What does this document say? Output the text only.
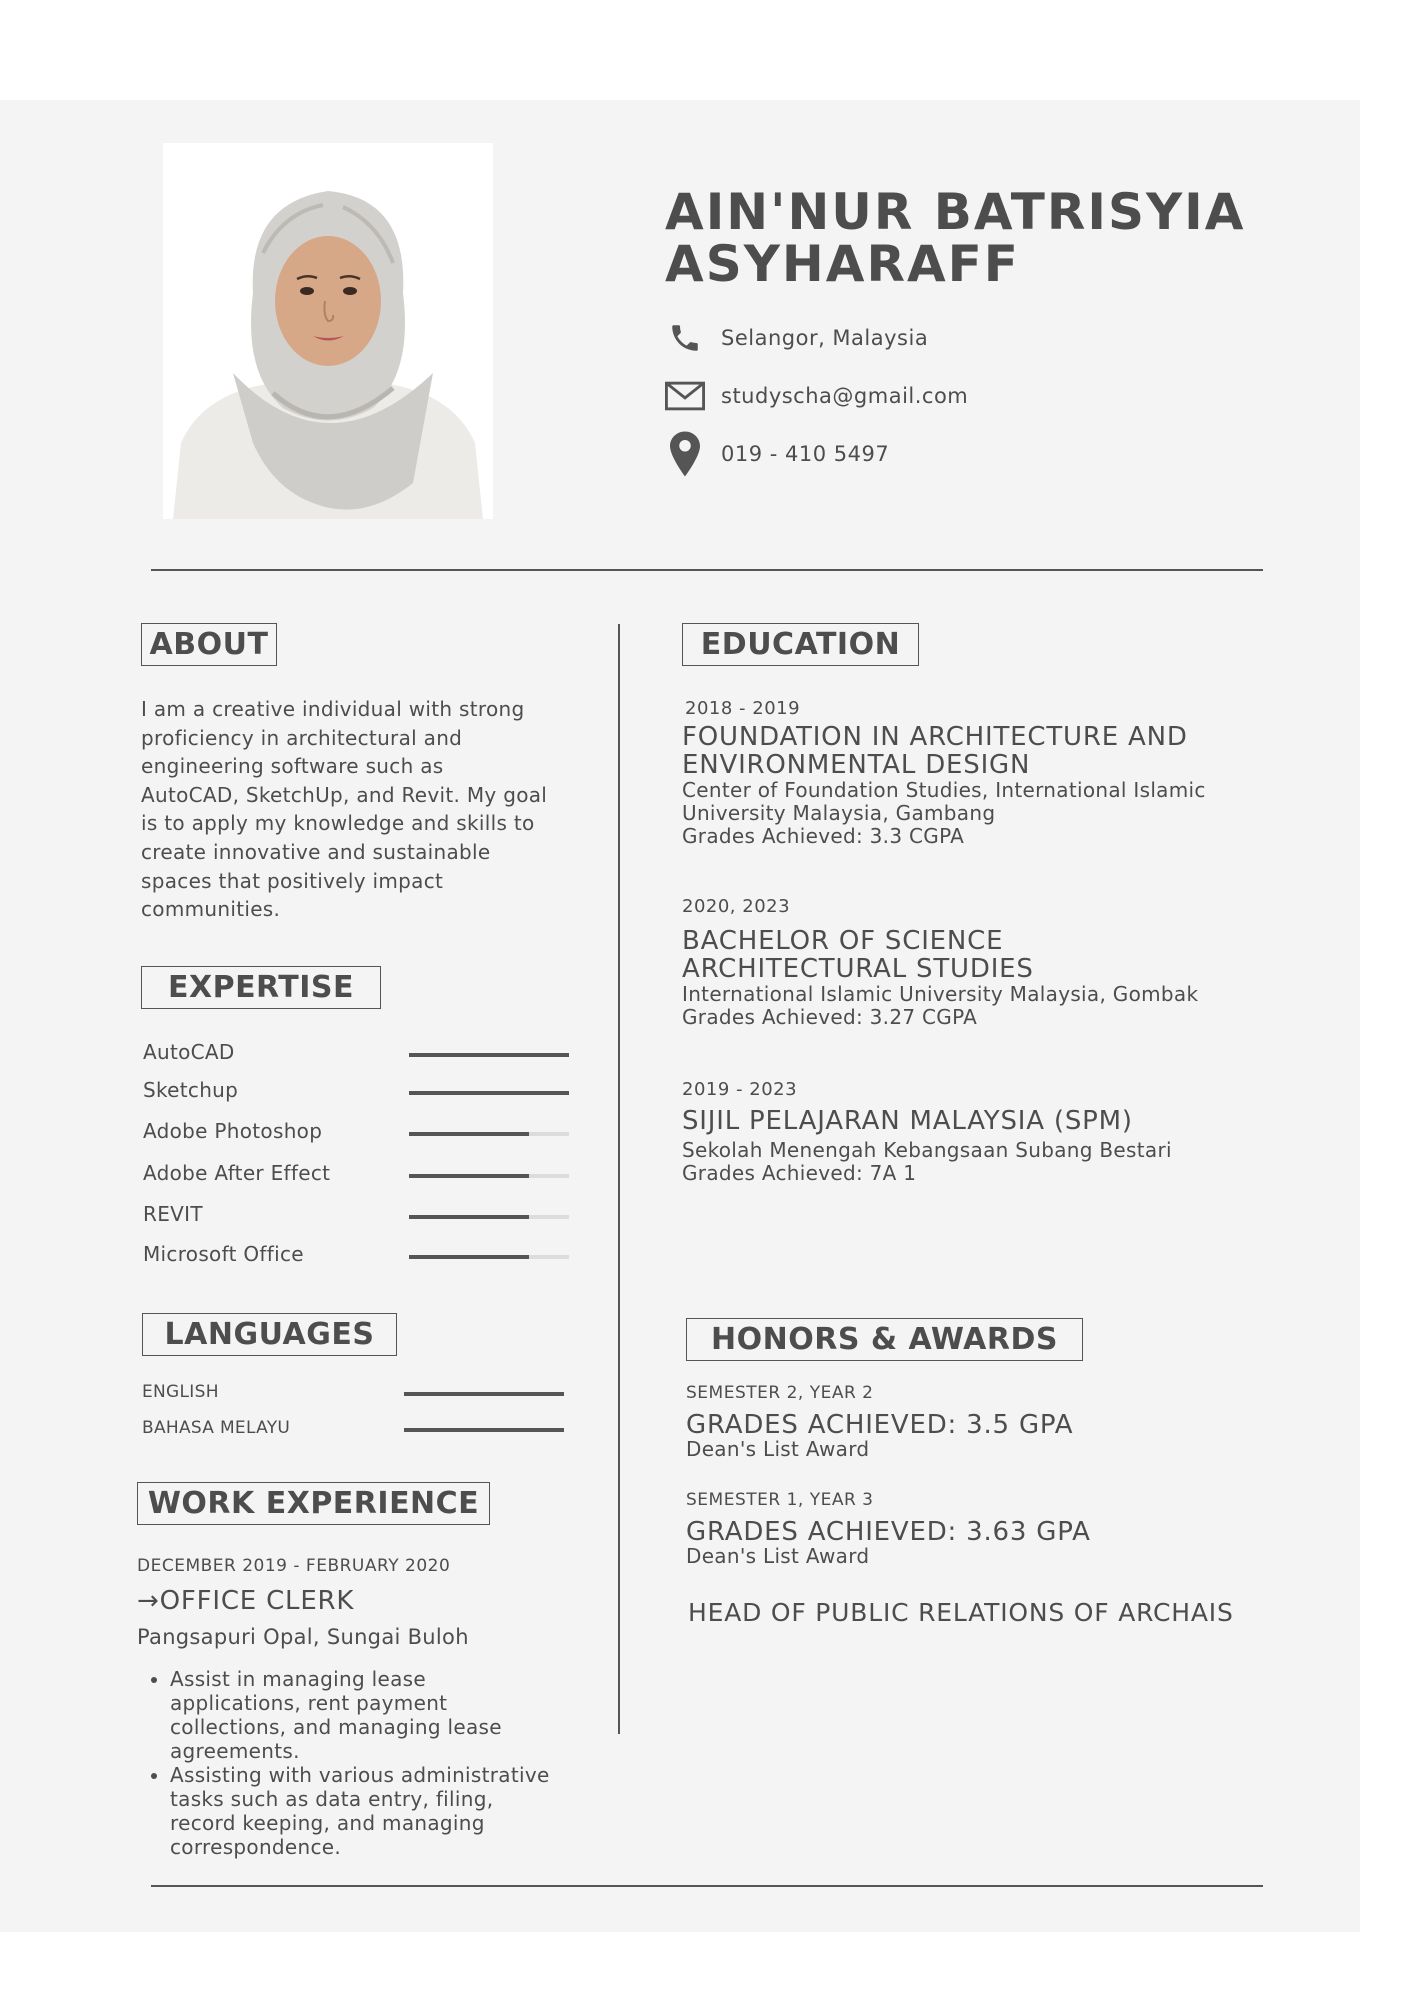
AIN'NUR BATRISYIA
ASYHARAFF
Selangor, Malaysia
studyscha@gmail.com
019 - 410 5497
ABOUT
I am a creative individual with strong
proficiency in architectural and
engineering software such as
AutoCAD, SketchUp, and Revit. My goal
is to apply my knowledge and skills to
create innovative and sustainable
spaces that positively impact
communities.
EXPERTISE
AutoCAD
Sketchup
Adobe Photoshop
Adobe After Effect
REVIT
Microsoft Office
LANGUAGES
ENGLISH
BAHASA MELAYU
WORK EXPERIENCE
DECEMBER 2019 - FEBRUARY 2020
→OFFICE CLERK
Pangsapuri Opal, Sungai Buloh
• Assist in managing lease
applications, rent payment
collections, and managing lease
agreements.
• Assisting with various administrative
tasks such as data entry, filing,
record keeping, and managing
correspondence.
EDUCATION
2018 - 2019
FOUNDATION IN ARCHITECTURE AND
ENVIRONMENTAL DESIGN
Center of Foundation Studies, International Islamic
University Malaysia, Gambang
Grades Achieved: 3.3 CGPA
2020, 2023
BACHELOR OF SCIENCE
ARCHITECTURAL STUDIES
International Islamic University Malaysia, Gombak
Grades Achieved: 3.27 CGPA
2019 - 2023
SIJIL PELAJARAN MALAYSIA (SPM)
Sekolah Menengah Kebangsaan Subang Bestari
Grades Achieved: 7A 1
HONORS & AWARDS
SEMESTER 2, YEAR 2
GRADES ACHIEVED: 3.5 GPA
Dean's List Award
SEMESTER 1, YEAR 3
GRADES ACHIEVED: 3.63 GPA
Dean's List Award
HEAD OF PUBLIC RELATIONS OF ARCHAIS
